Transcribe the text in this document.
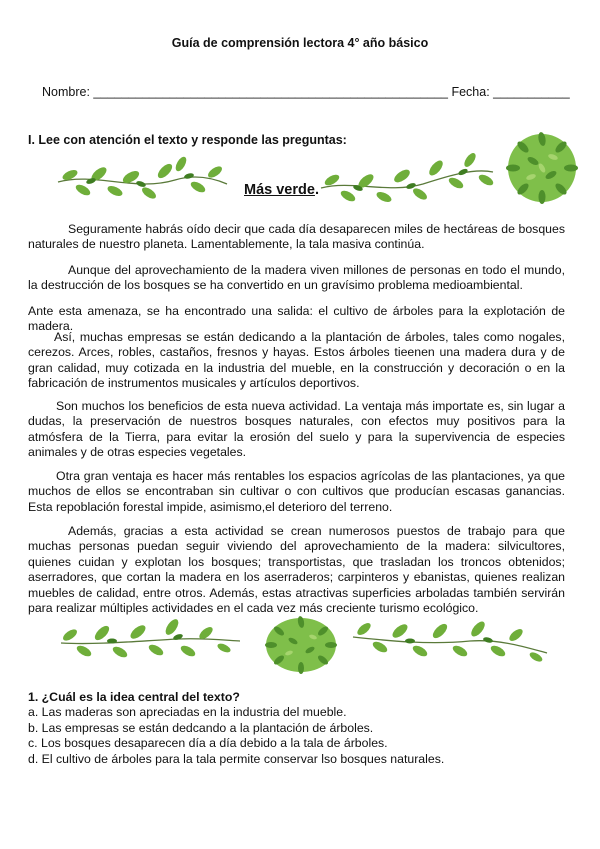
Guía de comprensión lectora 4° año básico
Nombre: ___________________________________________________ Fecha: ___________
I. Lee con atención el texto y responde las preguntas:
Más verde.
Seguramente habrás oído decir que cada día desaparecen miles de hectáreas de bosques naturales de nuestro planeta. Lamentablemente, la tala masiva continúa.
Aunque del aprovechamiento de la madera viven millones de personas en todo el mundo, la destrucción de los bosques se ha convertido en un gravísimo problema medioambiental.
Ante esta amenaza, se ha encontrado una salida: el cultivo de árboles para la explotación de madera.
Así, muchas empresas se están dedicando a la plantación de árboles, tales como nogales, cerezos. Arces, robles, castaños, fresnos y hayas. Estos árboles tieenen una madera dura y de gran calidad, muy cotizada en la industria del mueble, en la construcción y decoración o en la fabricación de instrumentos musicales y artículos deportivos.
Son muchos los beneficios de esta nueva actividad. La ventaja más importate es, sin lugar a dudas, la preservación de nuestros bosques naturales, con efectos muy positivos para la atmósfera de la Tierra, para evitar la erosión del suelo y para la supervivencia de especies animales y de otras especies vegetales.
Otra gran ventaja es hacer más rentables los espacios agrícolas de las plantaciones, ya que muchos de ellos se encontraban sin cultivar o con cultivos que producían escasas ganancias. Esta repoblación forestal impide, asimismo,el deterioro del terreno.
Además, gracias a esta actividad se crean numerosos puestos de trabajo para que muchas personas puedan seguir viviendo del aprovechamiento de la madera: silvicultores, quienes cuidan y explotan los bosques; transportistas, que trasladan los troncos obtenidos; aserradores, que cortan la madera en los aserraderos; carpinteros y ebanistas, quienes realizan muebles de calidad, entre otros. Además, estas atractivas superficies arboladas también servirán para realizar múltiples actividades en el cada vez más creciente turismo ecológico.
1. ¿Cuál es la idea central del texto?
a. Las maderas son apreciadas en la industria del mueble.
b. Las empresas se están dedcando a la plantación de árboles.
c. Los bosques desaparecen día a día debido a la tala de árboles.
d. El cultivo de árboles para la tala permite conservar lso bosques naturales.
